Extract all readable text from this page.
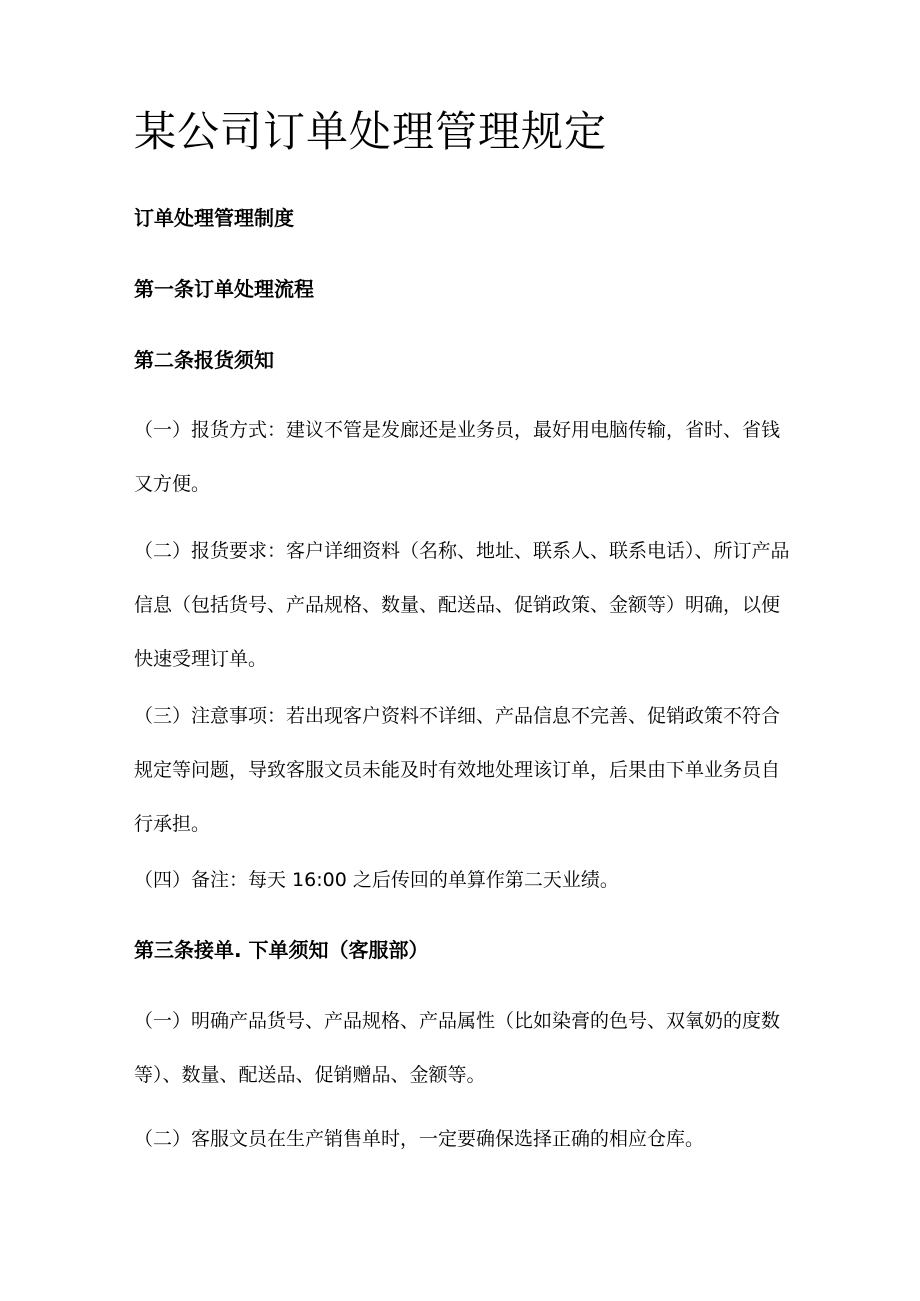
某公司订单处理管理规定

订单处理管理制度

第一条订单处理流程

第二条报货须知

（一）报货方式：建议不管是发廊还是业务员，最好用电脑传输，省时、省钱又方便。

（二）报货要求：客户详细资料（名称、地址、联系人、联系电话）、所订产品信息（包括货号、产品规格、数量、配送品、促销政策、金额等）明确，以便快速受理订单。

（三）注意事项：若出现客户资料不详细、产品信息不完善、促销政策不符合规定等问题，导致客服文员未能及时有效地处理该订单，后果由下单业务员自行承担。

（四）备注：每天 16:00 之后传回的单算作第二天业绩。

第三条接单. 下单须知（客服部）

（一）明确产品货号、产品规格、产品属性（比如染膏的色号、双氧奶的度数等）、数量、配送品、促销赠品、金额等。

（二）客服文员在生产销售单时，一定要确保选择正确的相应仓库。
